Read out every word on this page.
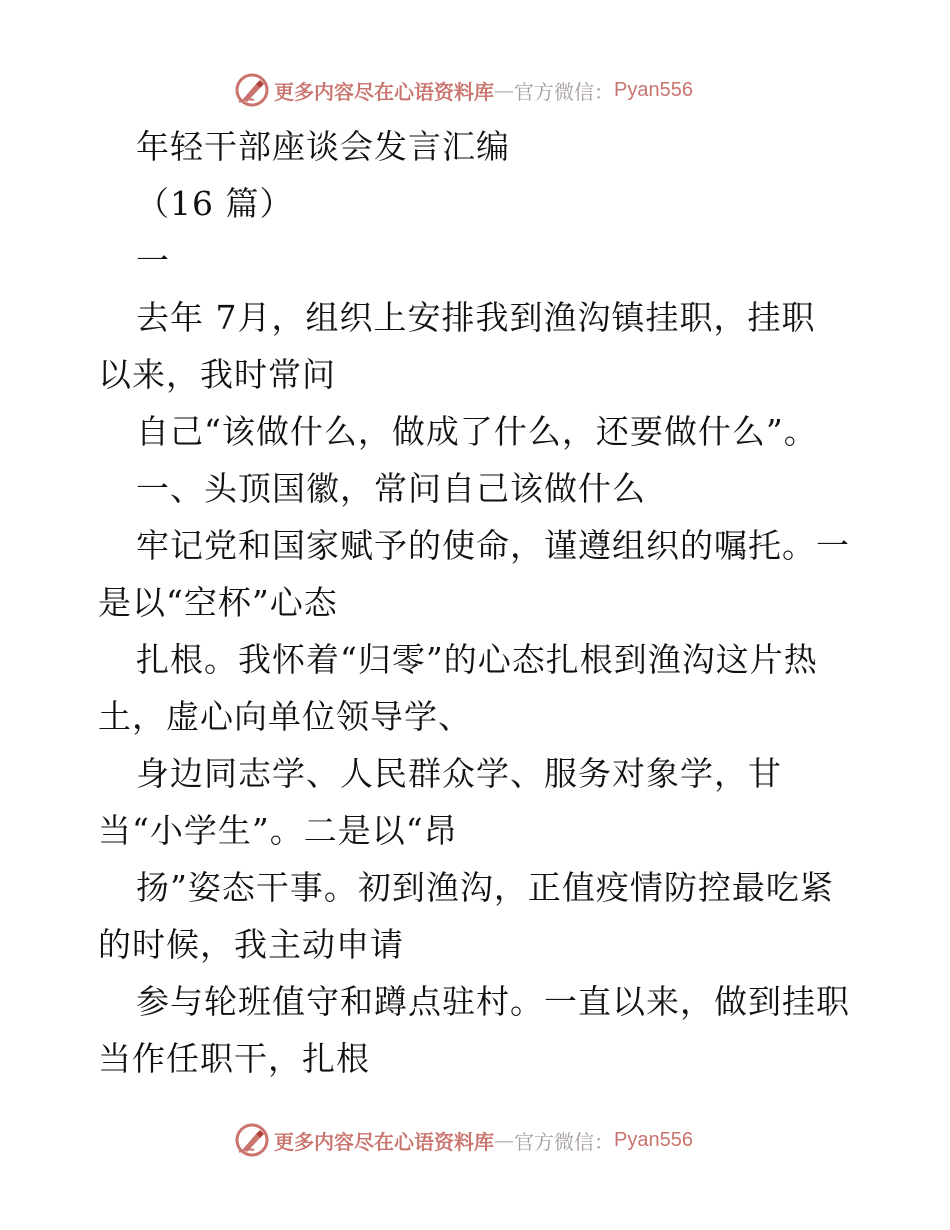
更多内容尽在心语资料库 — 官方微信： Pyan556
年轻干部座谈会发言汇编
（16 篇）
一
去年 7月，组织上安排我到渔沟镇挂职，挂职
以来，我时常问
自己“该做什么，做成了什么，还要做什么”。
一、头顶国徽，常问自己该做什么
牢记党和国家赋予的使命，谨遵组织的嘱托。一
是以“空杯”心态
扎根。我怀着“归零”的心态扎根到渔沟这片热
土，虚心向单位领导学、
身边同志学、人民群众学、服务对象学，甘
当“小学生”。二是以“昂
扬”姿态干事。初到渔沟，正值疫情防控最吃紧
的时候，我主动申请
参与轮班值守和蹲点驻村。一直以来，做到挂职
当作任职干，扎根
更多内容尽在心语资料库 — 官方微信： Pyan556
